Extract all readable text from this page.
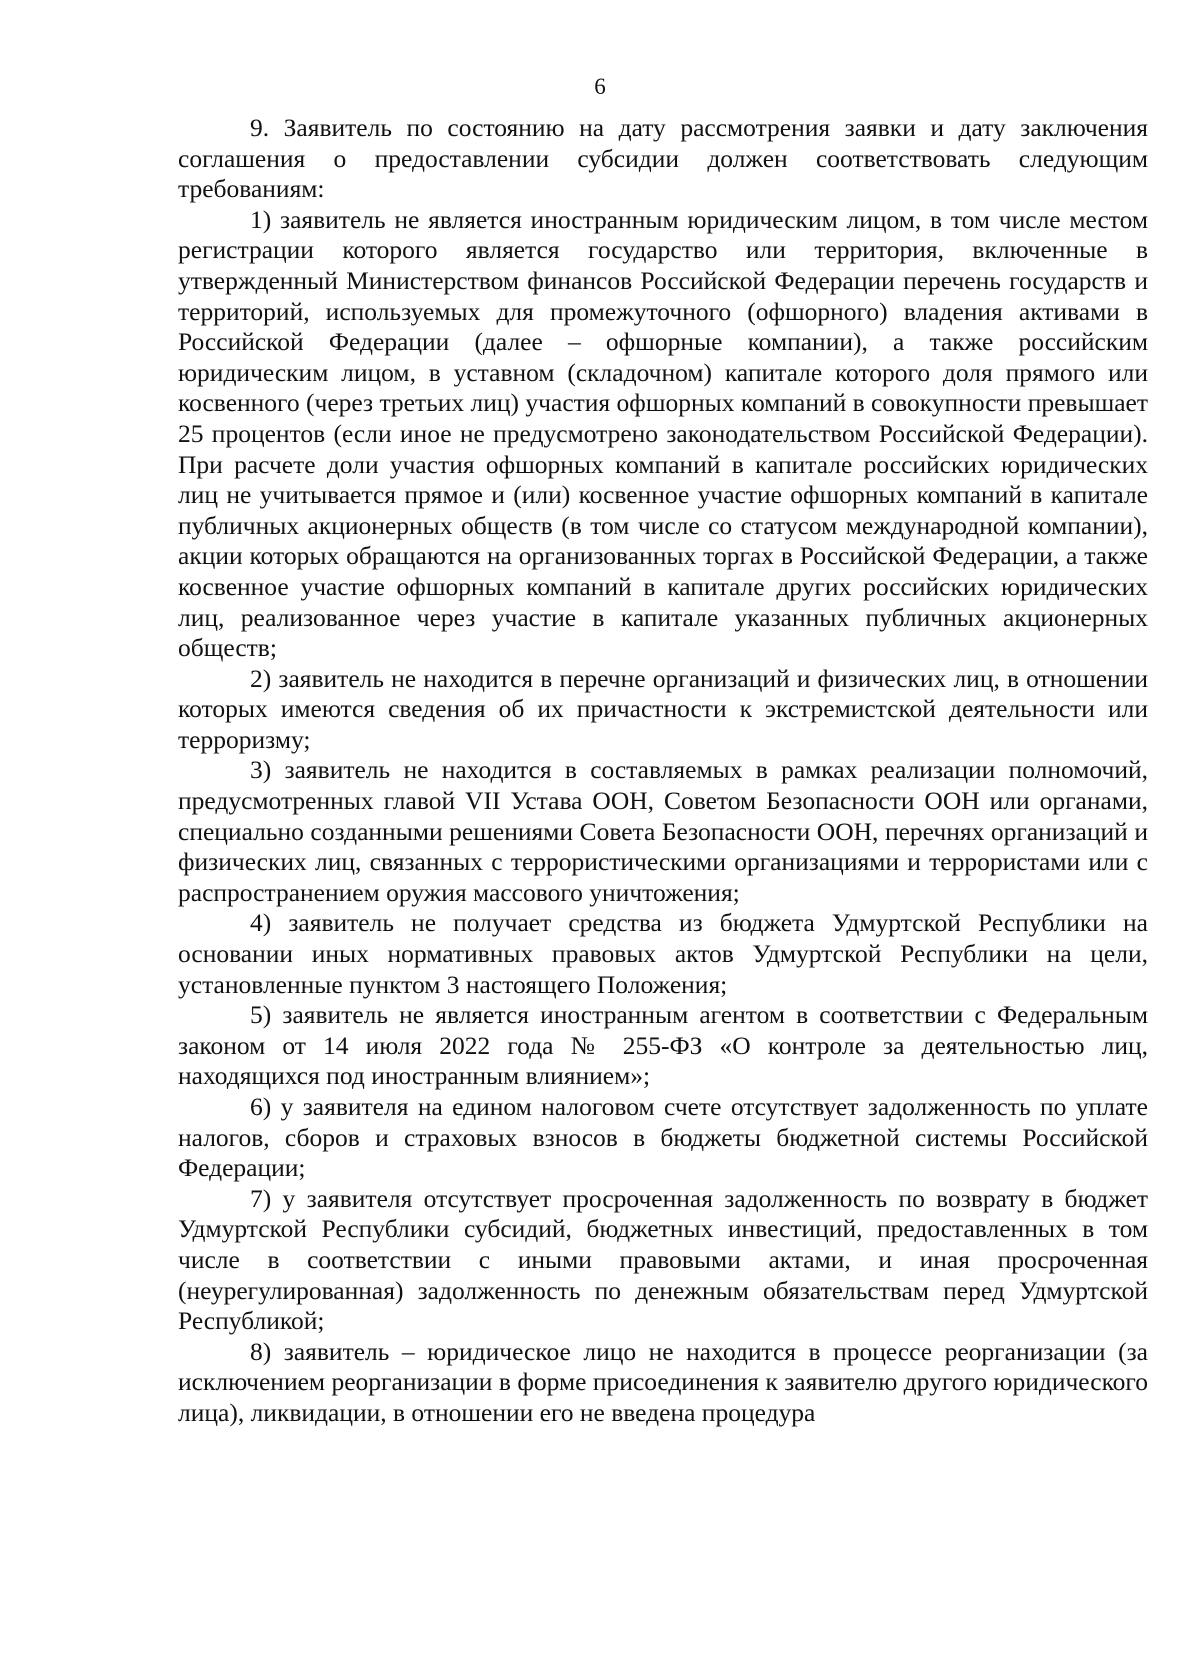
6

9. Заявитель по состоянию на дату рассмотрения заявки и дату заключения соглашения о предоставлении субсидии должен соответствовать следующим требованиям:

1) заявитель не является иностранным юридическим лицом, в том числе местом регистрации которого является государство или территория, включенные в утвержденный Министерством финансов Российской Федерации перечень государств и территорий, используемых для промежуточного (офшорного) владения активами в Российской Федерации (далее – офшорные компании), а также российским юридическим лицом, в уставном (складочном) капитале которого доля прямого или косвенного (через третьих лиц) участия офшорных компаний в совокупности превышает 25 процентов (если иное не предусмотрено законодательством Российской Федерации). При расчете доли участия офшорных компаний в капитале российских юридических лиц не учитывается прямое и (или) косвенное участие офшорных компаний в капитале публичных акционерных обществ (в том числе со статусом международной компании), акции которых обращаются на организованных торгах в Российской Федерации, а также косвенное участие офшорных компаний в капитале других российских юридических лиц, реализованное через участие в капитале указанных публичных акционерных обществ;

2) заявитель не находится в перечне организаций и физических лиц, в отношении которых имеются сведения об их причастности к экстремистской деятельности или терроризму;

3) заявитель не находится в составляемых в рамках реализации полномочий, предусмотренных главой VII Устава ООН, Советом Безопасности ООН или органами, специально созданными решениями Совета Безопасности ООН, перечнях организаций и физических лиц, связанных с террористическими организациями и террористами или с распространением оружия массового уничтожения;

4) заявитель не получает средства из бюджета Удмуртской Республики на основании иных нормативных правовых актов Удмуртской Республики на цели, установленные пунктом 3 настоящего Положения;

5) заявитель не является иностранным агентом в соответствии с Федеральным законом от 14 июля 2022 года № 255-ФЗ «О контроле за деятельностью лиц, находящихся под иностранным влиянием»;

6) у заявителя на едином налоговом счете отсутствует задолженность по уплате налогов, сборов и страховых взносов в бюджеты бюджетной системы Российской Федерации;

7) у заявителя отсутствует просроченная задолженность по возврату в бюджет Удмуртской Республики субсидий, бюджетных инвестиций, предоставленных в том числе в соответствии с иными правовыми актами, и иная просроченная (неурегулированная) задолженность по денежным обязательствам перед Удмуртской Республикой;

8) заявитель – юридическое лицо не находится в процессе реорганизации (за исключением реорганизации в форме присоединения к заявителю другого юридического лица), ликвидации, в отношении его не введена процедура
